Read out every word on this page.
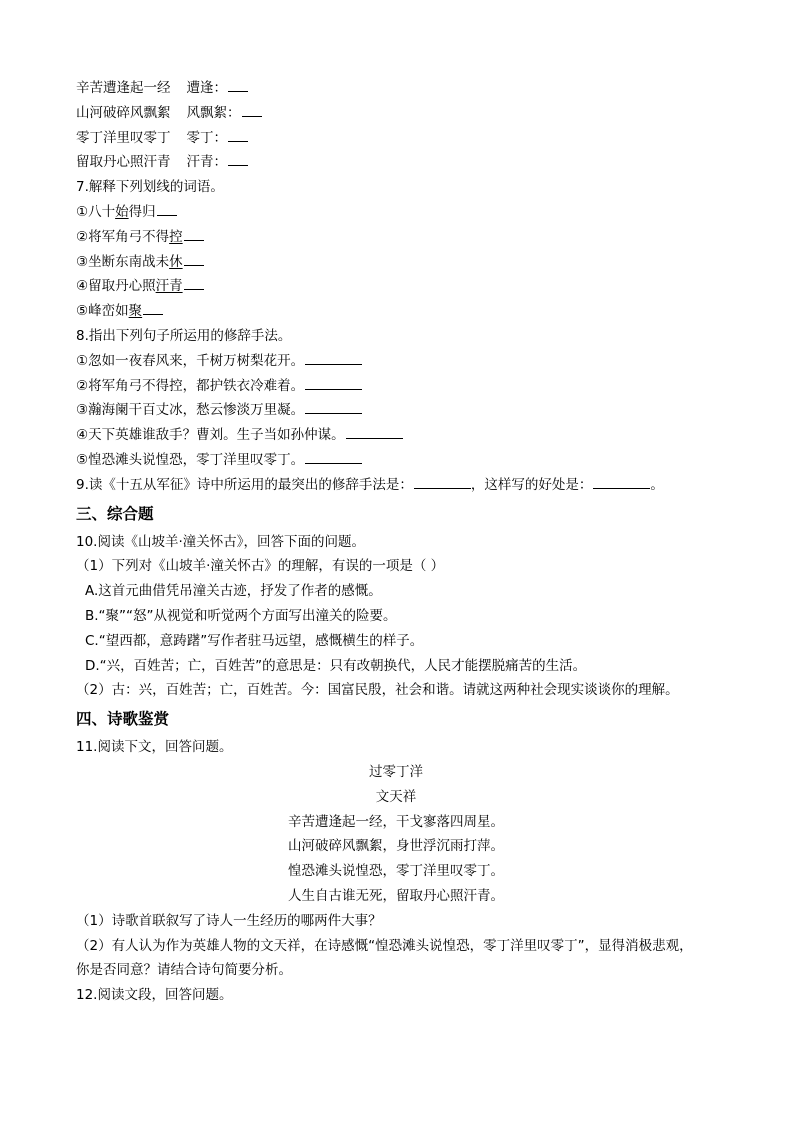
辛苦遭逢起一经 遭逢：
山河破碎风飘絮 风飘絮：
零丁洋里叹零丁 零丁：
留取丹心照汗青 汗青：
7.解释下列划线的词语。
①八十始得归
②将军角弓不得控
③坐断东南战未休
④留取丹心照汗青
⑤峰峦如聚
8.指出下列句子所运用的修辞手法。
①忽如一夜春风来，千树万树梨花开。
②将军角弓不得控，都护铁衣冷难着。
③瀚海阑干百丈冰，愁云惨淡万里凝。
④天下英雄谁敌手？曹刘。生子当如孙仲谋。
⑤惶恐滩头说惶恐，零丁洋里叹零丁。
9.读《十五从军征》诗中所运用的最突出的修辞手法是：	，这样写的好处是：	。
三、综合题
10.阅读《山坡羊·潼关怀古》，回答下面的问题。
（1）下列对《山坡羊·潼关怀古》的理解，有误的一项是（ ）
A.这首元曲借凭吊潼关古迹，抒发了作者的感慨。
B.“聚”“怒”从视觉和听觉两个方面写出潼关的险要。
C.“望西都，意踌躇”写作者驻马远望，感慨横生的样子。
D.“兴，百姓苦；亡，百姓苦”的意思是：只有改朝换代，人民才能摆脱痛苦的生活。
（2）古：兴，百姓苦；亡，百姓苦。今：国富民殷，社会和谐。请就这两种社会现实谈谈你的理解。
四、诗歌鉴赏
11.阅读下文，回答问题。
过零丁洋
文天祥
辛苦遭逢起一经，干戈寥落四周星。
山河破碎风飘絮，身世浮沉雨打萍。
惶恐滩头说惶恐，零丁洋里叹零丁。
人生自古谁无死，留取丹心照汗青。
（1）诗歌首联叙写了诗人一生经历的哪两件大事？
（2）有人认为作为英雄人物的文天祥，在诗感慨“惶恐滩头说惶恐，零丁洋里叹零丁”，显得消极悲观，
你是否同意？请结合诗句简要分析。
12.阅读文段，回答问题。
